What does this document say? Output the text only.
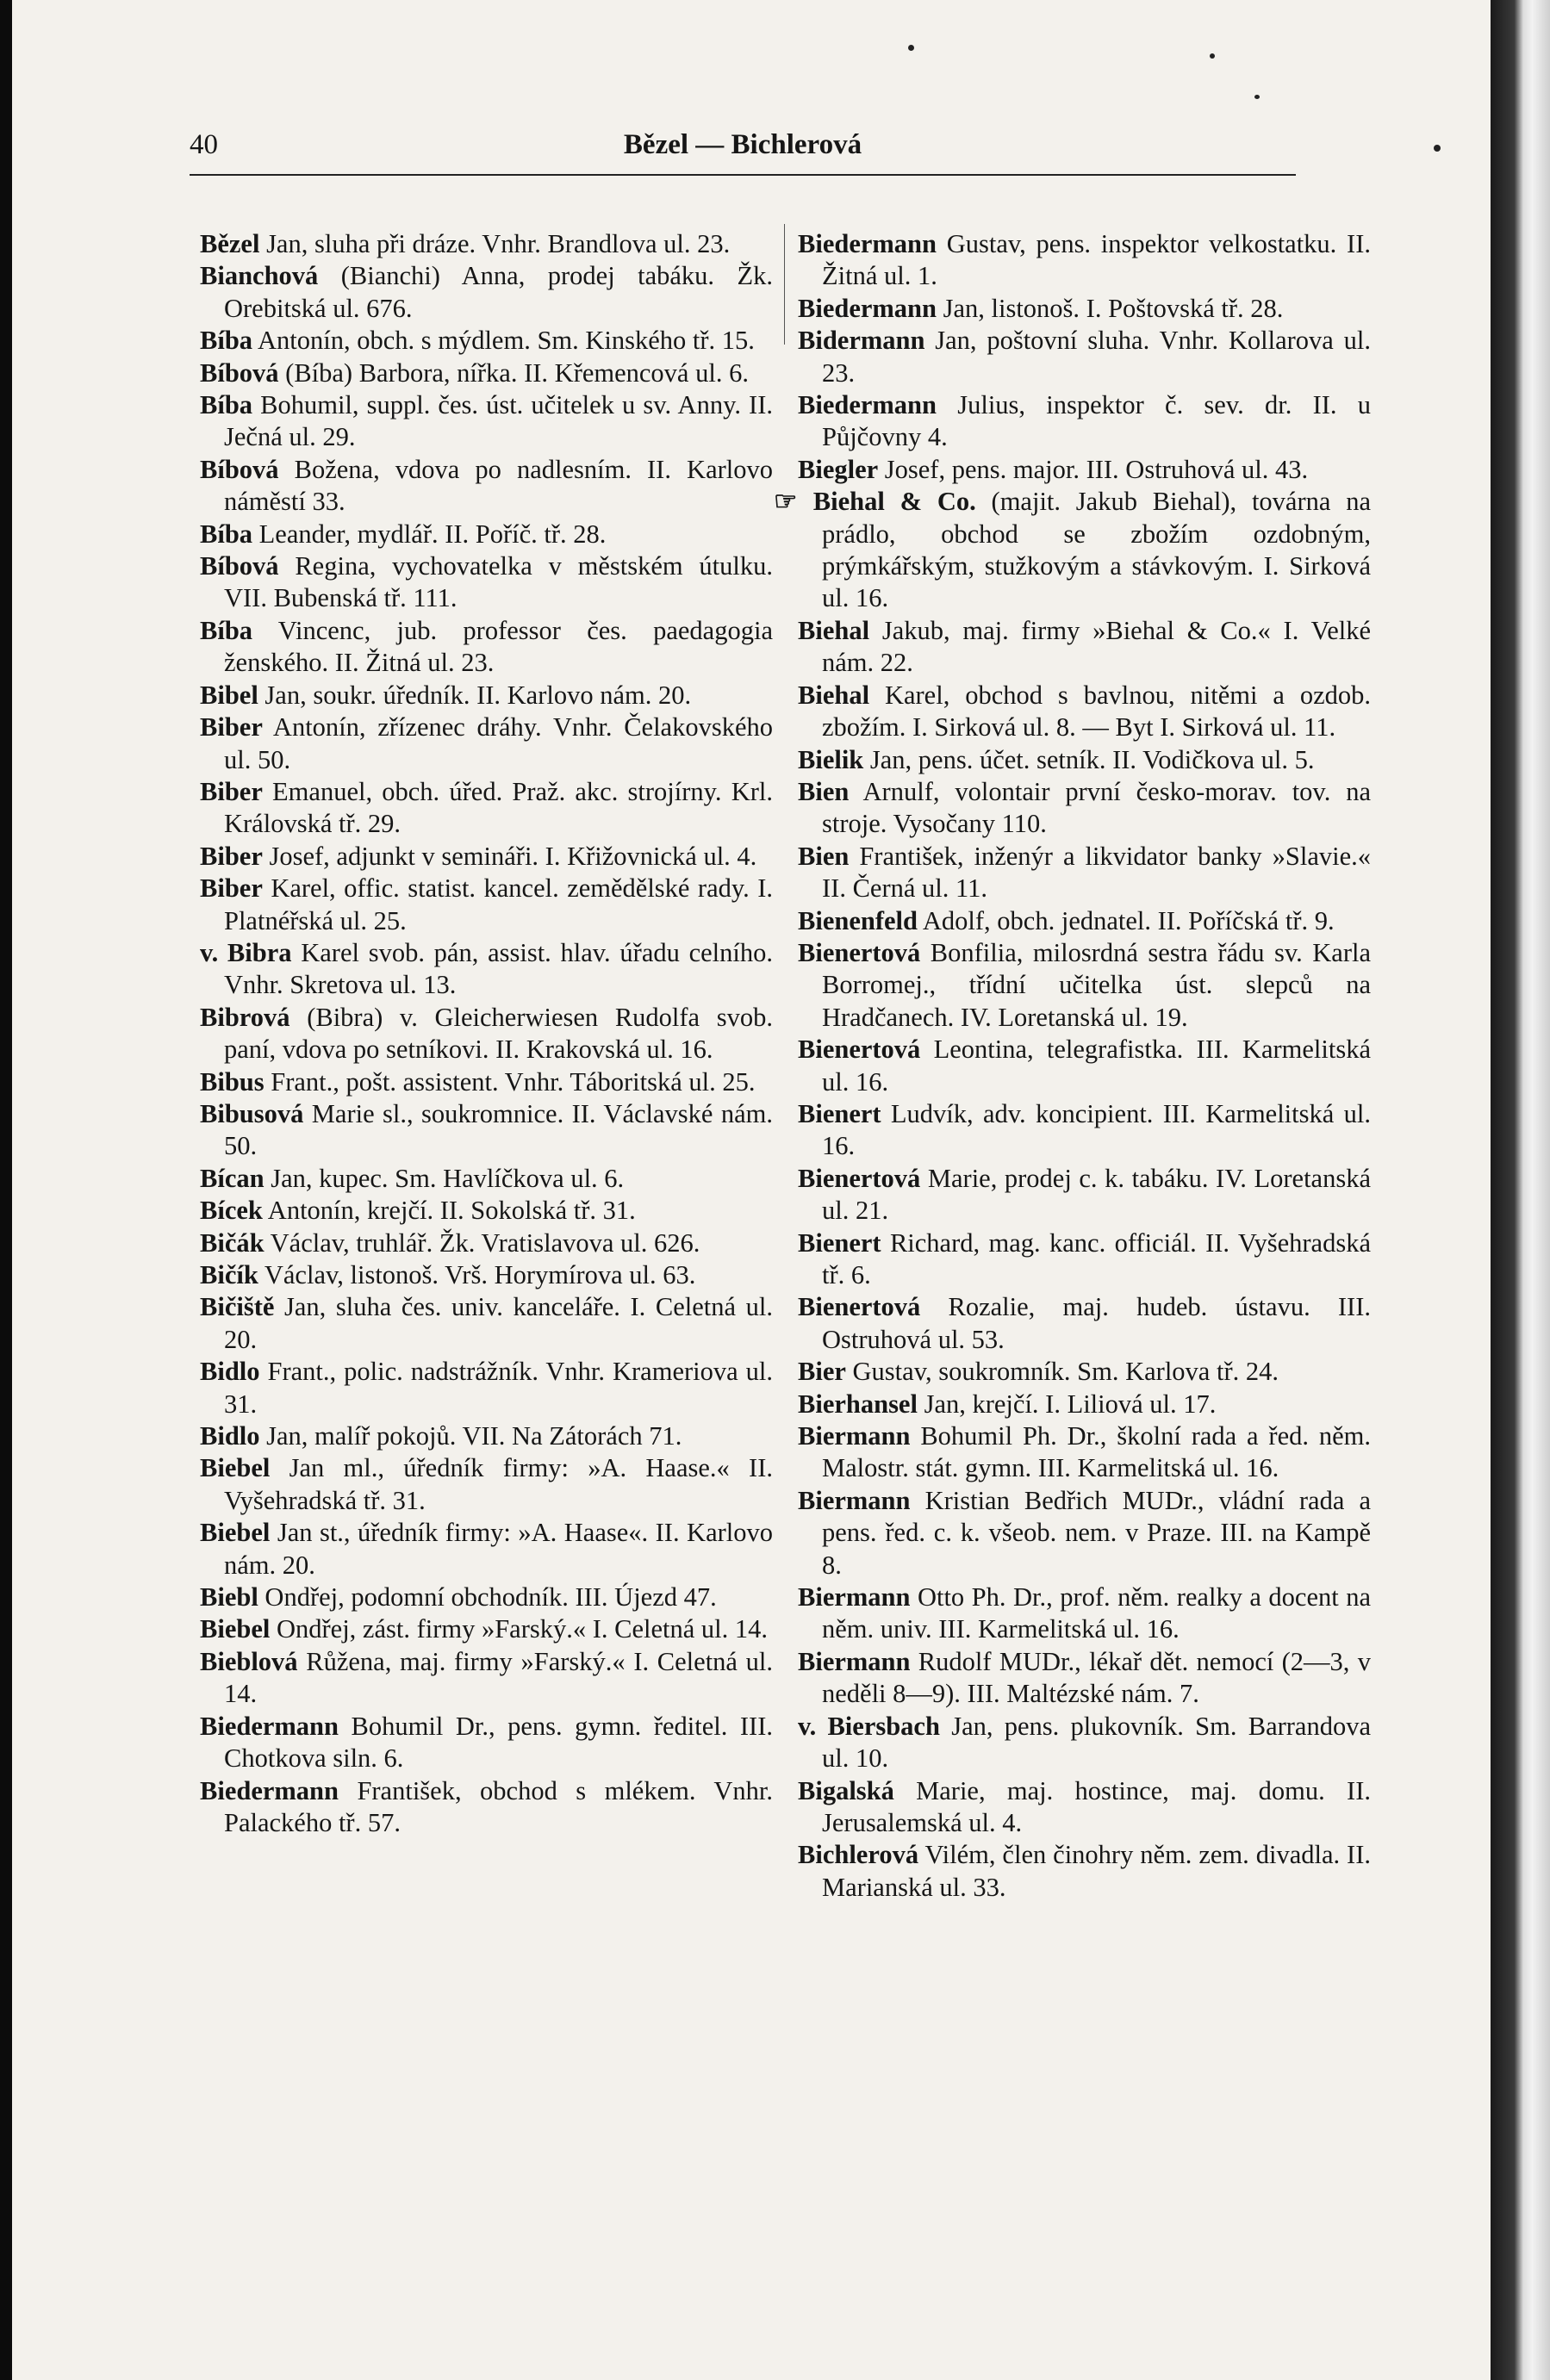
40	Bězel — Bichlerová

Bězel Jan, sluha při dráze. Vnhr. Brandlova ul. 23.

Bianchová (Bianchi) Anna, prodej tabáku. Žk. Orebitská ul. 676.

Bíba Antonín, obch. s mýdlem. Sm. Kinského tř. 15.

Bíbová (Bíba) Barbora, nířka. II. Křemencová ul. 6.

Bíba Bohumil, suppl. čes. úst. učitelek u sv. Anny. II. Ječná ul. 29.

Bíbová Božena, vdova po nadlesním. II. Karlovo náměstí 33.

Bíba Leander, mydlář. II. Poříč. tř. 28.

Bíbová Regina, vychovatelka v městském útulku. VII. Bubenská tř. 111.

Bíba Vincenc, jub. professor čes. paedagogia ženského. II. Žitná ul. 23.

Bibel Jan, soukr. úředník. II. Karlovo nám. 20.

Biber Antonín, zřízenec dráhy. Vnhr. Čelakovského ul. 50.

Biber Emanuel, obch. úřed. Praž. akc. strojírny. Krl. Královská tř. 29.

Biber Josef, adjunkt v semináři. I. Křižovnická ul. 4.

Biber Karel, offic. statist. kancel. zemědělské rady. I. Platnéřská ul. 25.

v. Bibra Karel svob. pán, assist. hlav. úřadu celního. Vnhr. Skretova ul. 13.

Bibrová (Bibra) v. Gleicherwiesen Rudolfa svob. paní, vdova po setníkovi. II. Krakovská ul. 16.

Bibus Frant., pošt. assistent. Vnhr. Táboritská ul. 25.

Bibusová Marie sl., soukromnice. II. Václavské nám. 50.

Bícan Jan, kupec. Sm. Havlíčkova ul. 6.

Bícek Antonín, krejčí. II. Sokolská tř. 31.

Bičák Václav, truhlář. Žk. Vratislavova ul. 626.

Bičík Václav, listonoš. Vrš. Horymírova ul. 63.

Bičiště Jan, sluha čes. univ. kanceláře. I. Celetná ul. 20.

Bidlo Frant., polic. nadstrážník. Vnhr. Krameriova ul. 31.

Bidlo Jan, malíř pokojů. VII. Na Zátorách 71.

Biebel Jan ml., úředník firmy: »A. Haase.« II. Vyšehradská tř. 31.

Biebel Jan st., úředník firmy: »A. Haase«. II. Karlovo nám. 20.

Biebl Ondřej, podomní obchodník. III. Újezd 47.

Biebel Ondřej, zást. firmy »Farský.« I. Celetná ul. 14.

Bieblová Růžena, maj. firmy »Farský.« I. Celetná ul. 14.

Biedermann Bohumil Dr., pens. gymn. ředitel. III. Chotkova siln. 6.

Biedermann František, obchod s mlékem. Vnhr. Palackého tř. 57.

Biedermann Gustav, pens. inspektor velkostatku. II. Žitná ul. 1.

Biedermann Jan, listonoš. I. Poštovská tř. 28.

Bidermann Jan, poštovní sluha. Vnhr. Kollarova ul. 23.

Biedermann Julius, inspektor č. sev. dr. II. u Půjčovny 4.

Biegler Josef, pens. major. III. Ostruhová ul. 43.

☞ Biehal & Co. (majit. Jakub Biehal), továrna na prádlo, obchod se zbožím ozdobným, prýmkářským, stužkovým a stávkovým. I. Sirková ul. 16.

Biehal Jakub, maj. firmy »Biehal & Co.« I. Velké nám. 22.

Biehal Karel, obchod s bavlnou, nitěmi a ozdob. zbožím. I. Sirková ul. 8. — Byt I. Sirková ul. 11.

Bielik Jan, pens. účet. setník. II. Vodičkova ul. 5.

Bien Arnulf, volontair první česko-morav. tov. na stroje. Vysočany 110.

Bien František, inženýr a likvidator banky »Slavie.« II. Černá ul. 11.

Bienenfeld Adolf, obch. jednatel. II. Poříčská tř. 9.

Bienertová Bonfilia, milosrdná sestra řádu sv. Karla Borromej., třídní učitelka úst. slepců na Hradčanech. IV. Loretanská ul. 19.

Bienertová Leontina, telegrafistka. III. Karmelitská ul. 16.

Bienert Ludvík, adv. koncipient. III. Karmelitská ul. 16.

Bienertová Marie, prodej c. k. tabáku. IV. Loretanská ul. 21.

Bienert Richard, mag. kanc. officiál. II. Vyšehradská tř. 6.

Bienertová Rozalie, maj. hudeb. ústavu. III. Ostruhová ul. 53.

Bier Gustav, soukromník. Sm. Karlova tř. 24.

Bierhansel Jan, krejčí. I. Liliová ul. 17.

Biermann Bohumil Ph. Dr., školní rada a řed. něm. Malostr. stát. gymn. III. Karmelitská ul. 16.

Biermann Kristian Bedřich MUDr., vládní rada a pens. řed. c. k. všeob. nem. v Praze. III. na Kampě 8.

Biermann Otto Ph. Dr., prof. něm. realky a docent na něm. univ. III. Karmelitská ul. 16.

Biermann Rudolf MUDr., lékař dět. nemocí (2—3, v neděli 8—9). III. Maltézské nám. 7.

v. Biersbach Jan, pens. plukovník. Sm. Barrandova ul. 10.

Bigalská Marie, maj. hostince, maj. domu. II. Jerusalemská ul. 4.

Bichlerová Vilém, člen činohry něm. zem. divadla. II. Marianská ul. 33.
